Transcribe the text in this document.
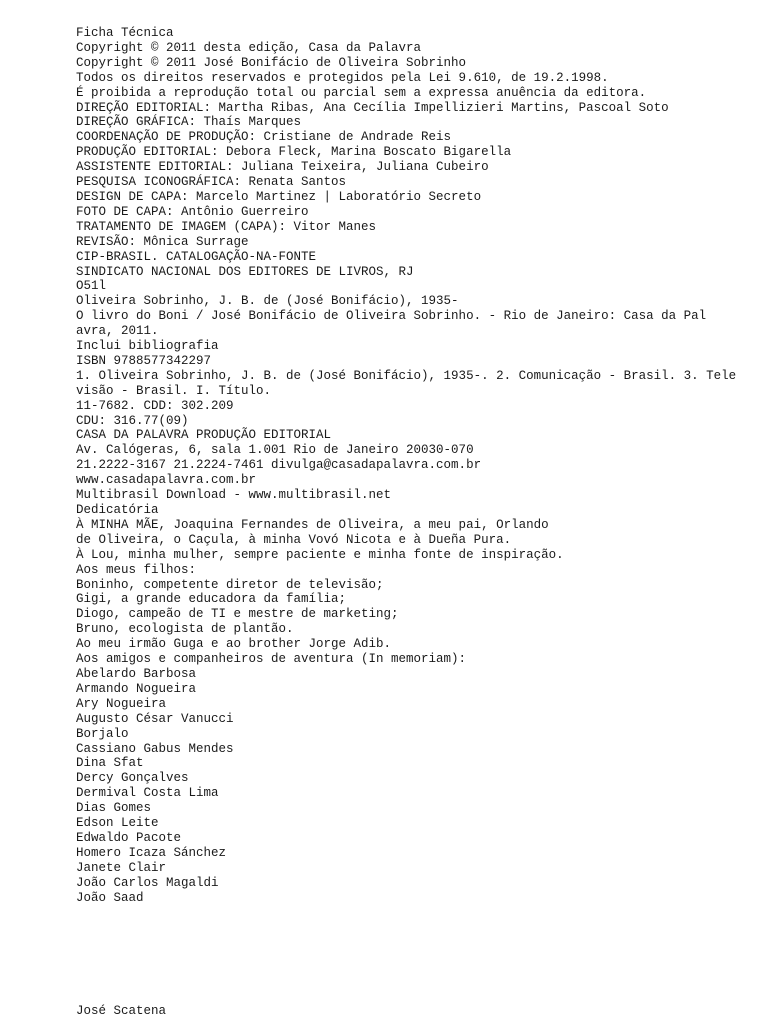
Ficha Técnica
Copyright © 2011 desta edição, Casa da Palavra
Copyright © 2011 José Bonifácio de Oliveira Sobrinho
Todos os direitos reservados e protegidos pela Lei 9.610, de 19.2.1998.
É proibida a reprodução total ou parcial sem a expressa anuência da editora.
DIREÇÃO EDITORIAL: Martha Ribas, Ana Cecília Impellizieri Martins, Pascoal Soto
DIREÇÃO GRÁFICA: Thaís Marques
COORDENAÇÃO DE PRODUÇÃO: Cristiane de Andrade Reis
PRODUÇÃO EDITORIAL: Debora Fleck, Marina Boscato Bigarella
ASSISTENTE EDITORIAL: Juliana Teixeira, Juliana Cubeiro
PESQUISA ICONOGRÁFICA: Renata Santos
DESIGN DE CAPA: Marcelo Martinez | Laboratório Secreto
FOTO DE CAPA: Antônio Guerreiro
TRATAMENTO DE IMAGEM (CAPA): Vitor Manes
REVISÃO: Mônica Surrage
CIP-BRASIL. CATALOGAÇÃO-NA-FONTE
SINDICATO NACIONAL DOS EDITORES DE LIVROS, RJ
O51l
Oliveira Sobrinho, J. B. de (José Bonifácio), 1935-
O livro do Boni / José Bonifácio de Oliveira Sobrinho. - Rio de Janeiro: Casa da Pal
avra, 2011.
Inclui bibliografia
ISBN 9788577342297
1. Oliveira Sobrinho, J. B. de (José Bonifácio), 1935-. 2. Comunicação - Brasil. 3. Tele
visão - Brasil. I. Título.
11-7682. CDD: 302.209
CDU: 316.77(09)
CASA DA PALAVRA PRODUÇÃO EDITORIAL
Av. Calógeras, 6, sala 1.001 Rio de Janeiro 20030-070
21.2222-3167 21.2224-7461 divulga@casadapalavra.com.br
www.casadapalavra.com.br
Multibrasil Download - www.multibrasil.net
Dedicatória
À MINHA MÃE, Joaquina Fernandes de Oliveira, a meu pai, Orlando
de Oliveira, o Caçula, à minha Vovó Nicota e à Dueña Pura.
À Lou, minha mulher, sempre paciente e minha fonte de inspiração.
Aos meus filhos:
Boninho, competente diretor de televisão;
Gigi, a grande educadora da família;
Diogo, campeão de TI e mestre de marketing;
Bruno, ecologista de plantão.
Ao meu irmão Guga e ao brother Jorge Adib.
Aos amigos e companheiros de aventura (In memoriam):
Abelardo Barbosa
Armando Nogueira
Ary Nogueira
Augusto César Vanucci
Borjalo
Cassiano Gabus Mendes
Dina Sfat
Dercy Gonçalves
Dermival Costa Lima
Dias Gomes
Edson Leite
Edwaldo Pacote
Homero Icaza Sánchez
Janete Clair
João Carlos Magaldi
João Saad
José Scatena
